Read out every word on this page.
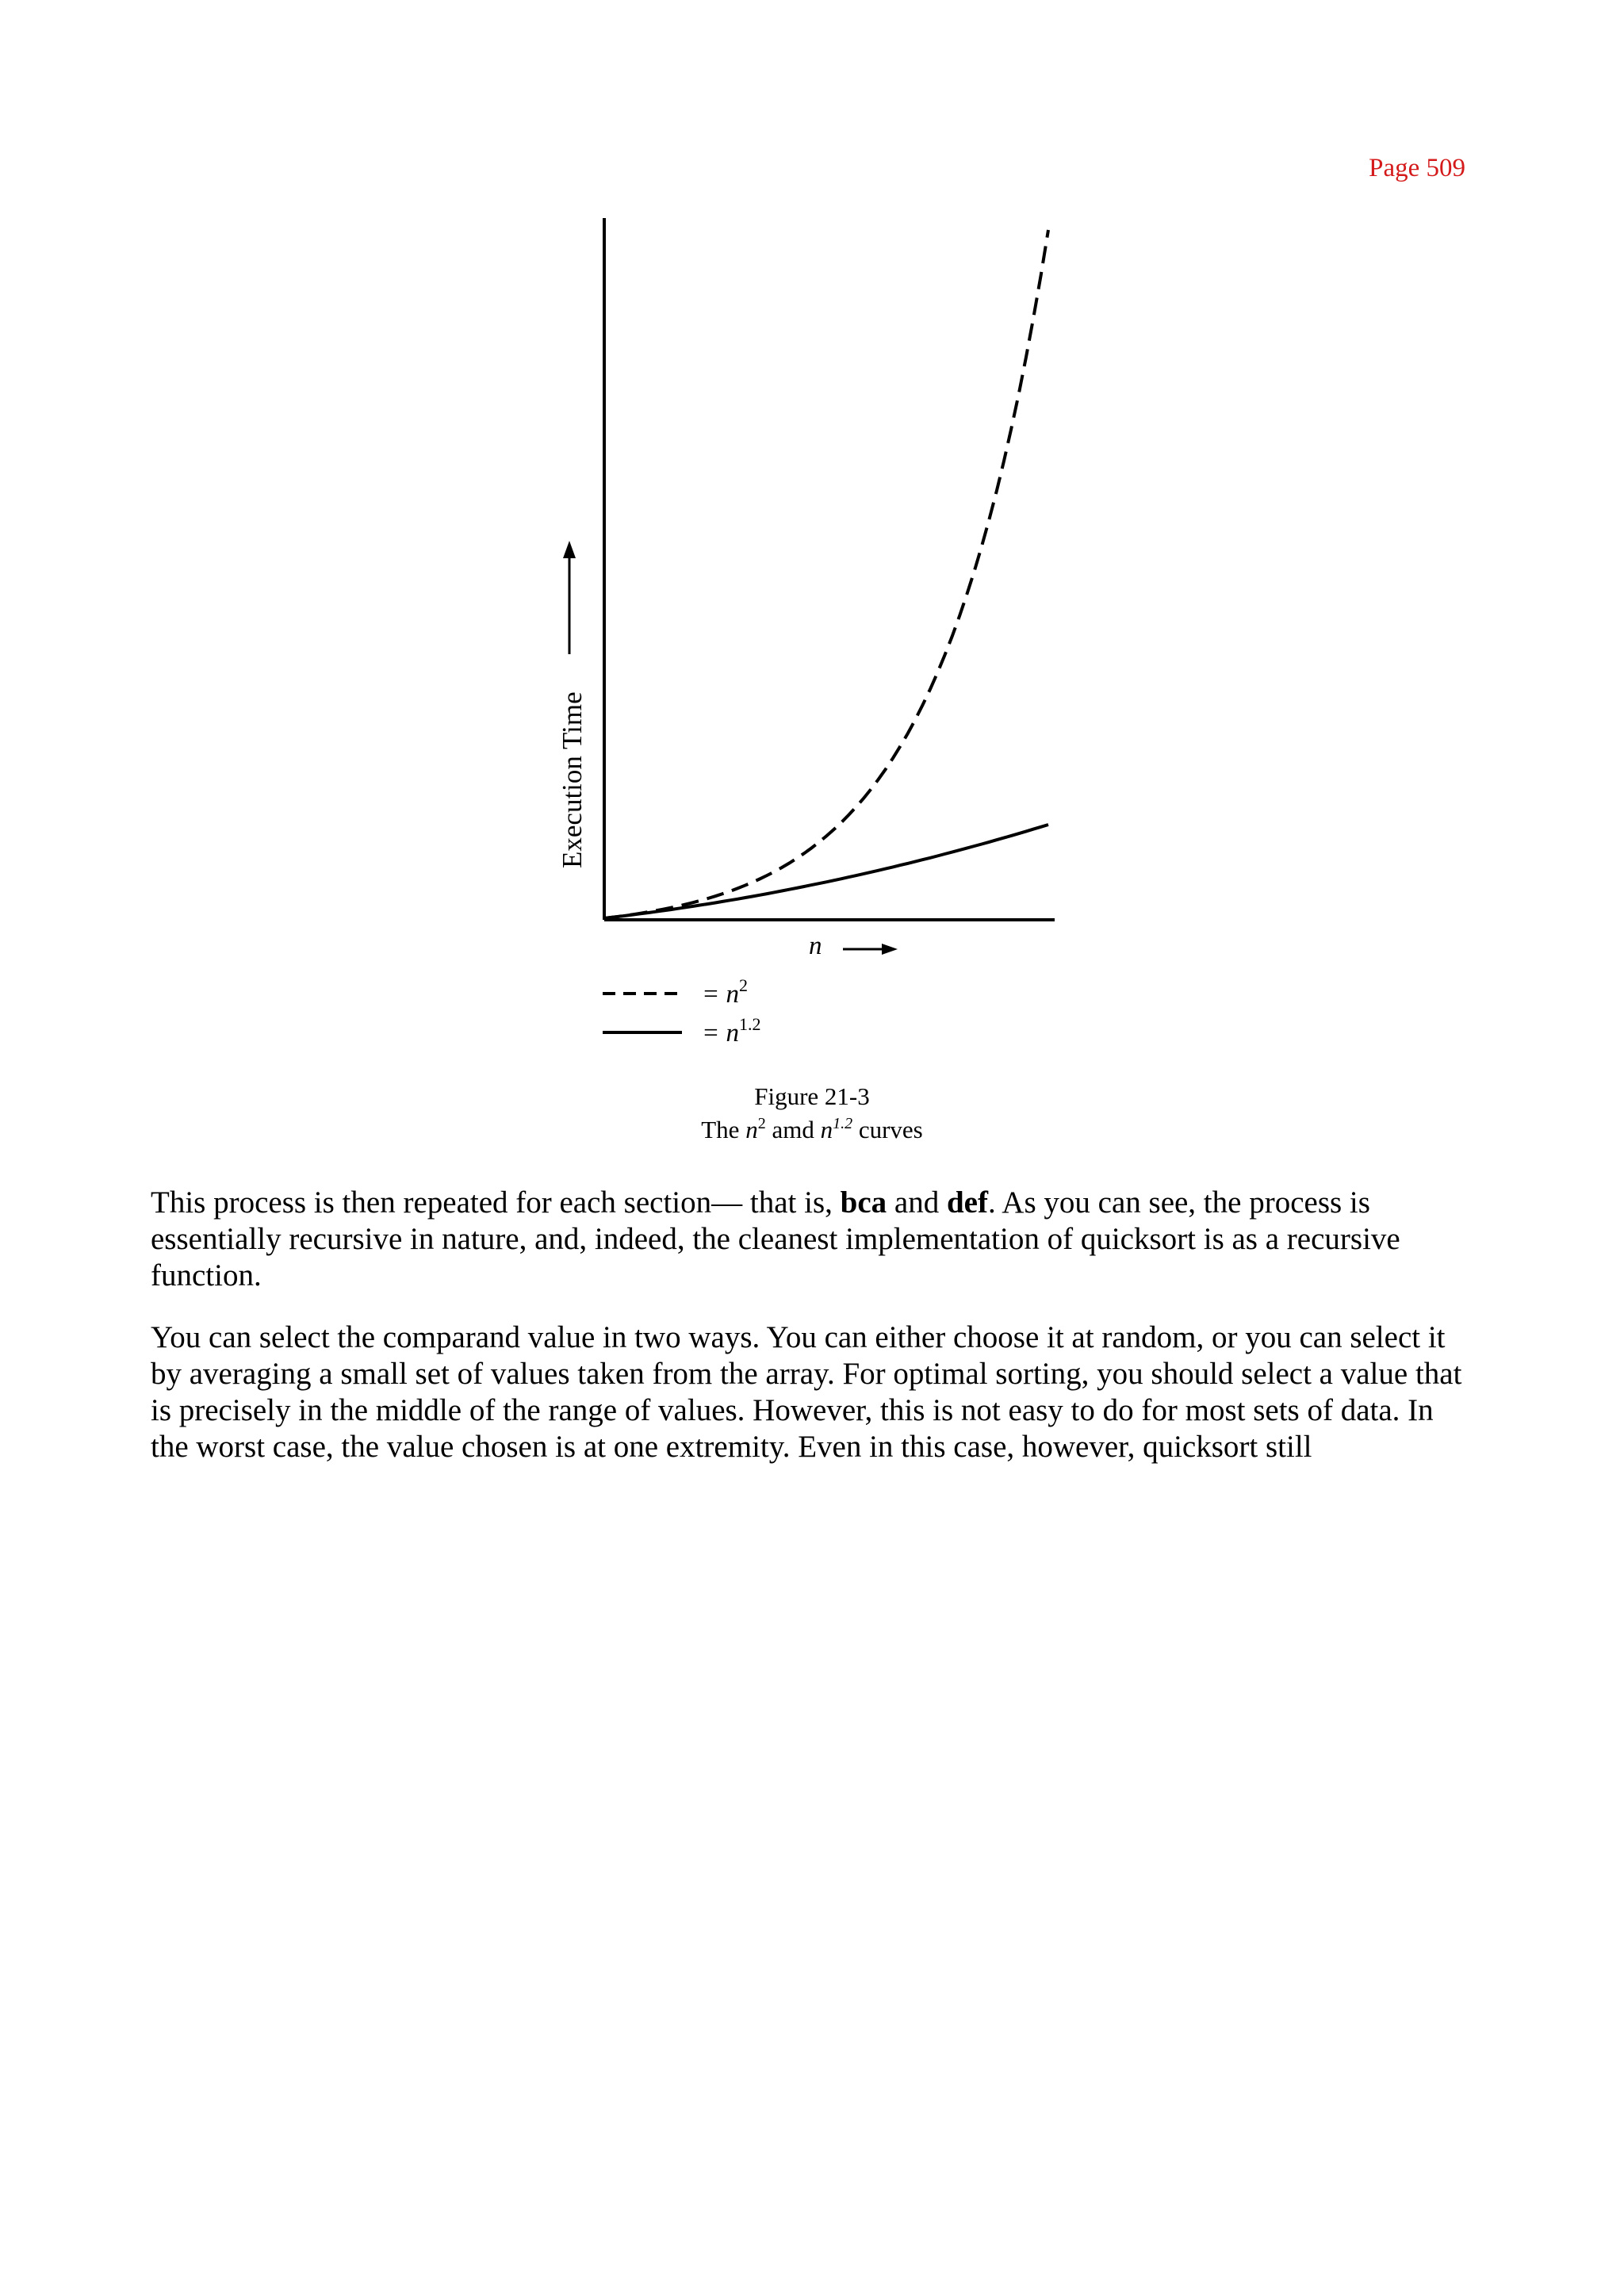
Page 509
Execution Time
n
= $n^2$
= $n^{1.2}$
Figure 21-3
The $n^2$ amd $n^{1.2}$ curves
This process is then repeated for each section— that is, bca and def. As you can see, the process is essentially recursive in nature, and, indeed, the cleanest implementation of quicksort is as a recursive function.
You can select the comparand value in two ways. You can either choose it at random, or you can select it by averaging a small set of values taken from the array. For optimal sorting, you should select a value that is precisely in the middle of the range of values. However, this is not easy to do for most sets of data. In the worst case, the value chosen is at one extremity. Even in this case, however, quicksort still
